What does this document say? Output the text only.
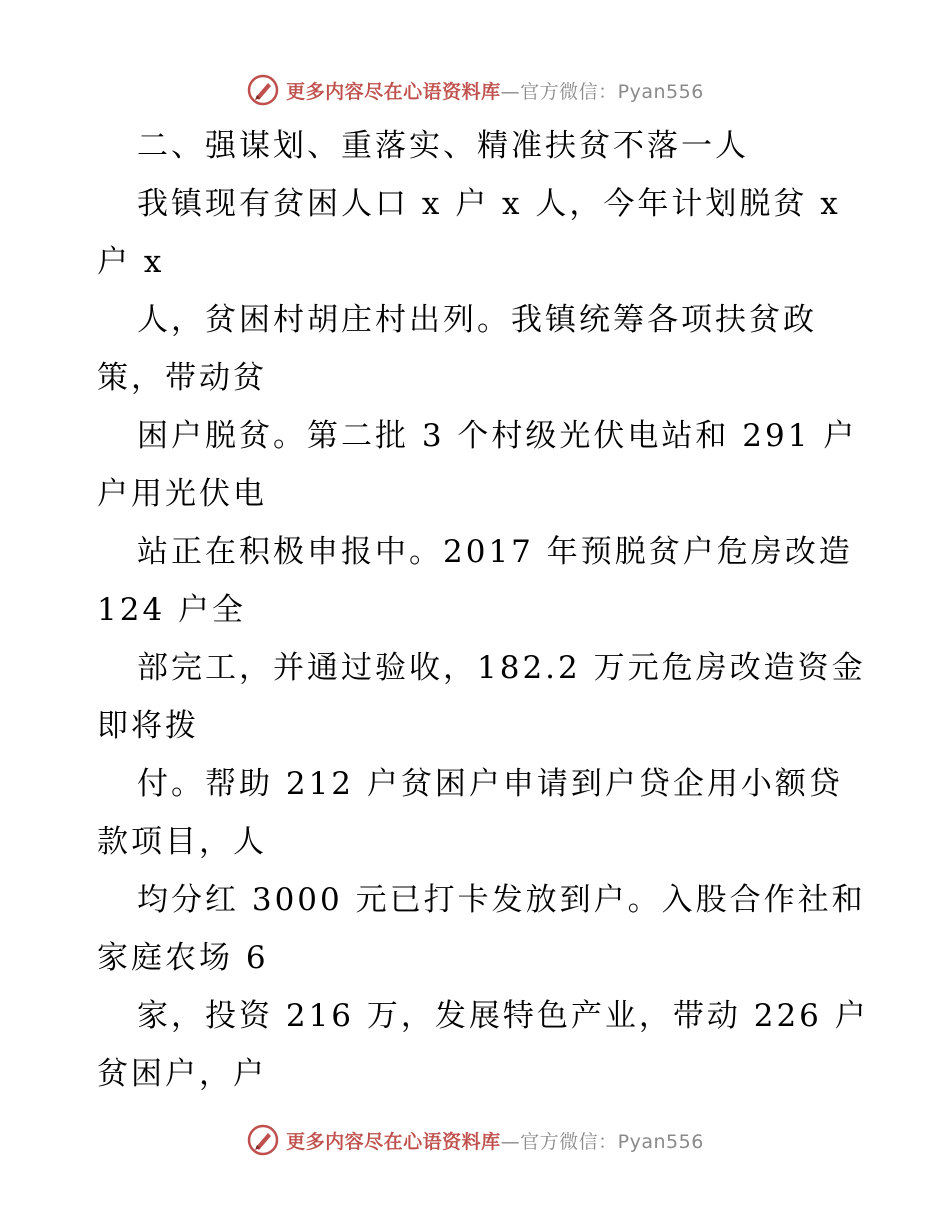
更多内容尽在心语资料库—官方微信：Pyan556
二、强谋划、重落实、精准扶贫不落一人
我镇现有贫困人口 x 户 x 人，今年计划脱贫 x
户 x
人，贫困村胡庄村出列。我镇统筹各项扶贫政
策，带动贫
困户脱贫。第二批 3 个村级光伏电站和 291 户
户用光伏电
站正在积极申报中。2017 年预脱贫户危房改造
124 户全
部完工，并通过验收，182.2 万元危房改造资金
即将拨
付。帮助 212 户贫困户申请到户贷企用小额贷
款项目，人
均分红 3000 元已打卡发放到户。入股合作社和
家庭农场 6
家，投资 216 万，发展特色产业，带动 226 户
贫困户，户
更多内容尽在心语资料库—官方微信：Pyan556
